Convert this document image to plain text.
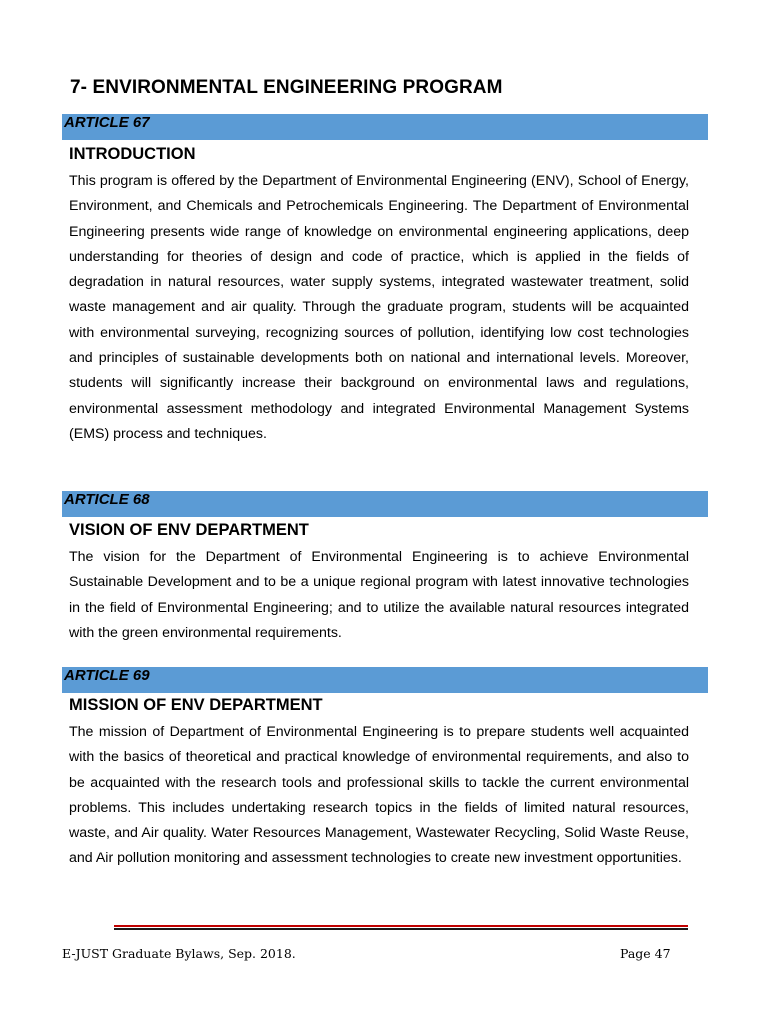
7- ENVIRONMENTAL ENGINEERING PROGRAM
ARTICLE 67
INTRODUCTION

This program is offered by the Department of Environmental Engineering (ENV), School of Energy, Environment, and Chemicals and Petrochemicals Engineering. The Department of Environmental Engineering presents wide range of knowledge on environmental engineering applications, deep understanding for theories of design and code of practice, which is applied in the fields of degradation in natural resources, water supply systems, integrated wastewater treatment, solid waste management and air quality. Through the graduate program, students will be acquainted with environmental surveying, recognizing sources of pollution, identifying low cost technologies and principles of sustainable developments both on national and international levels. Moreover, students will significantly increase their background on environmental laws and regulations, environmental assessment methodology and integrated Environmental Management Systems (EMS) process and techniques.

ARTICLE 68
VISION OF ENV DEPARTMENT

The vision for the Department of Environmental Engineering is to achieve Environmental Sustainable Development and to be a unique regional program with latest innovative technologies in the field of Environmental Engineering; and to utilize the available natural resources integrated with the green environmental requirements.

ARTICLE 69
MISSION OF ENV DEPARTMENT

The mission of Department of Environmental Engineering is to prepare students well acquainted with the basics of theoretical and practical knowledge of environmental requirements, and also to be acquainted with the research tools and professional skills to tackle the current environmental problems. This includes undertaking research topics in the fields of limited natural resources, waste, and Air quality. Water Resources Management, Wastewater Recycling, Solid Waste Reuse, and Air pollution monitoring and assessment technologies to create new investment opportunities.

E-JUST Graduate Bylaws, Sep. 2018.	Page 47
